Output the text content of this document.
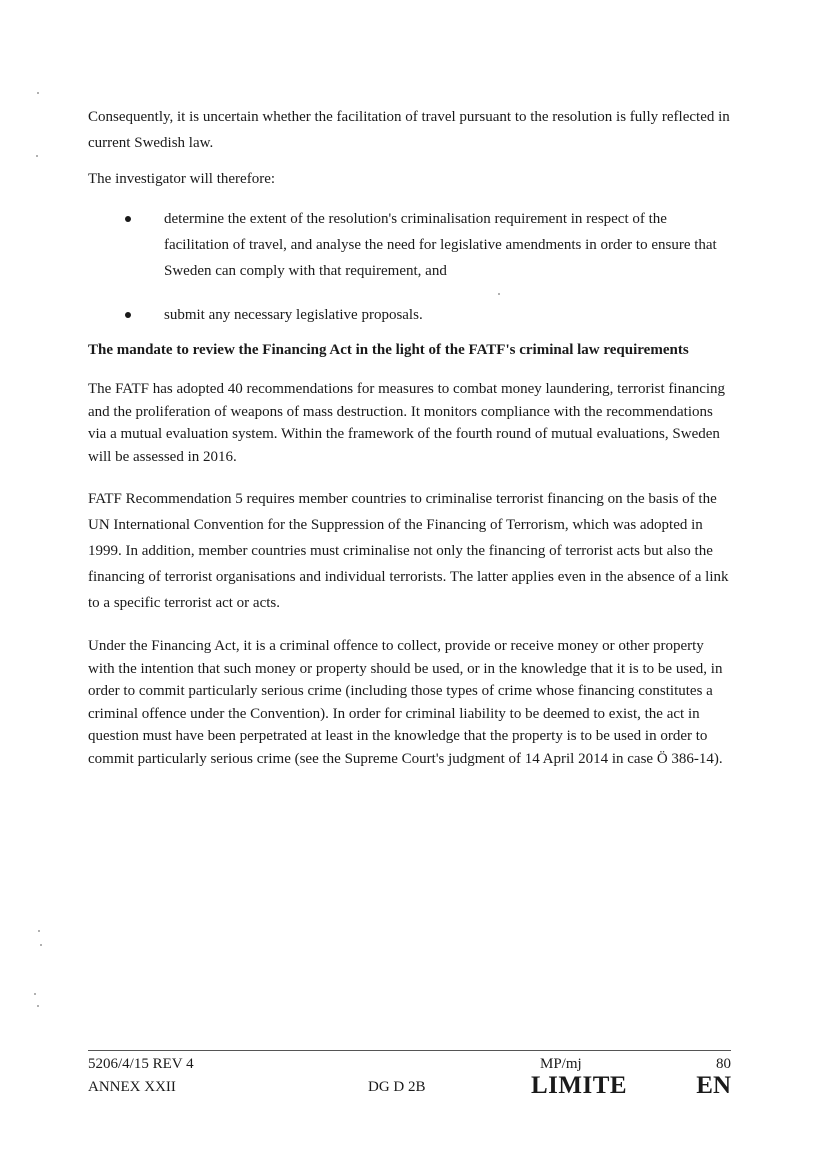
Consequently, it is uncertain whether the facilitation of travel pursuant to the resolution is fully reflected in current Swedish law.

The investigator will therefore:

determine the extent of the resolution's criminalisation requirement in respect of the facilitation of travel, and analyse the need for legislative amendments in order to ensure that Sweden can comply with that requirement, and
submit any necessary legislative proposals.
The mandate to review the Financing Act in the light of the FATF's criminal law requirements

The FATF has adopted 40 recommendations for measures to combat money laundering, terrorist financing and the proliferation of weapons of mass destruction. It monitors compliance with the recommendations via a mutual evaluation system. Within the framework of the fourth round of mutual evaluations, Sweden will be assessed in 2016.

FATF Recommendation 5 requires member countries to criminalise terrorist financing on the basis of the UN International Convention for the Suppression of the Financing of Terrorism, which was adopted in 1999. In addition, member countries must criminalise not only the financing of terrorist acts but also the financing of terrorist organisations and individual terrorists. The latter applies even in the absence of a link to a specific terrorist act or acts.

Under the Financing Act, it is a criminal offence to collect, provide or receive money or other property with the intention that such money or property should be used, or in the knowledge that it is to be used, in order to commit particularly serious crime (including those types of crime whose financing constitutes a criminal offence under the Convention). In order for criminal liability to be deemed to exist, the act in question must have been perpetrated at least in the knowledge that the property is to be used in order to commit particularly serious crime (see the Supreme Court's judgment of 14 April 2014 in case Ö 386-14).

5206/4/15 REV 4
ANNEX XXII	DG D 2B
MP/mj	80
LIMITE	EN
